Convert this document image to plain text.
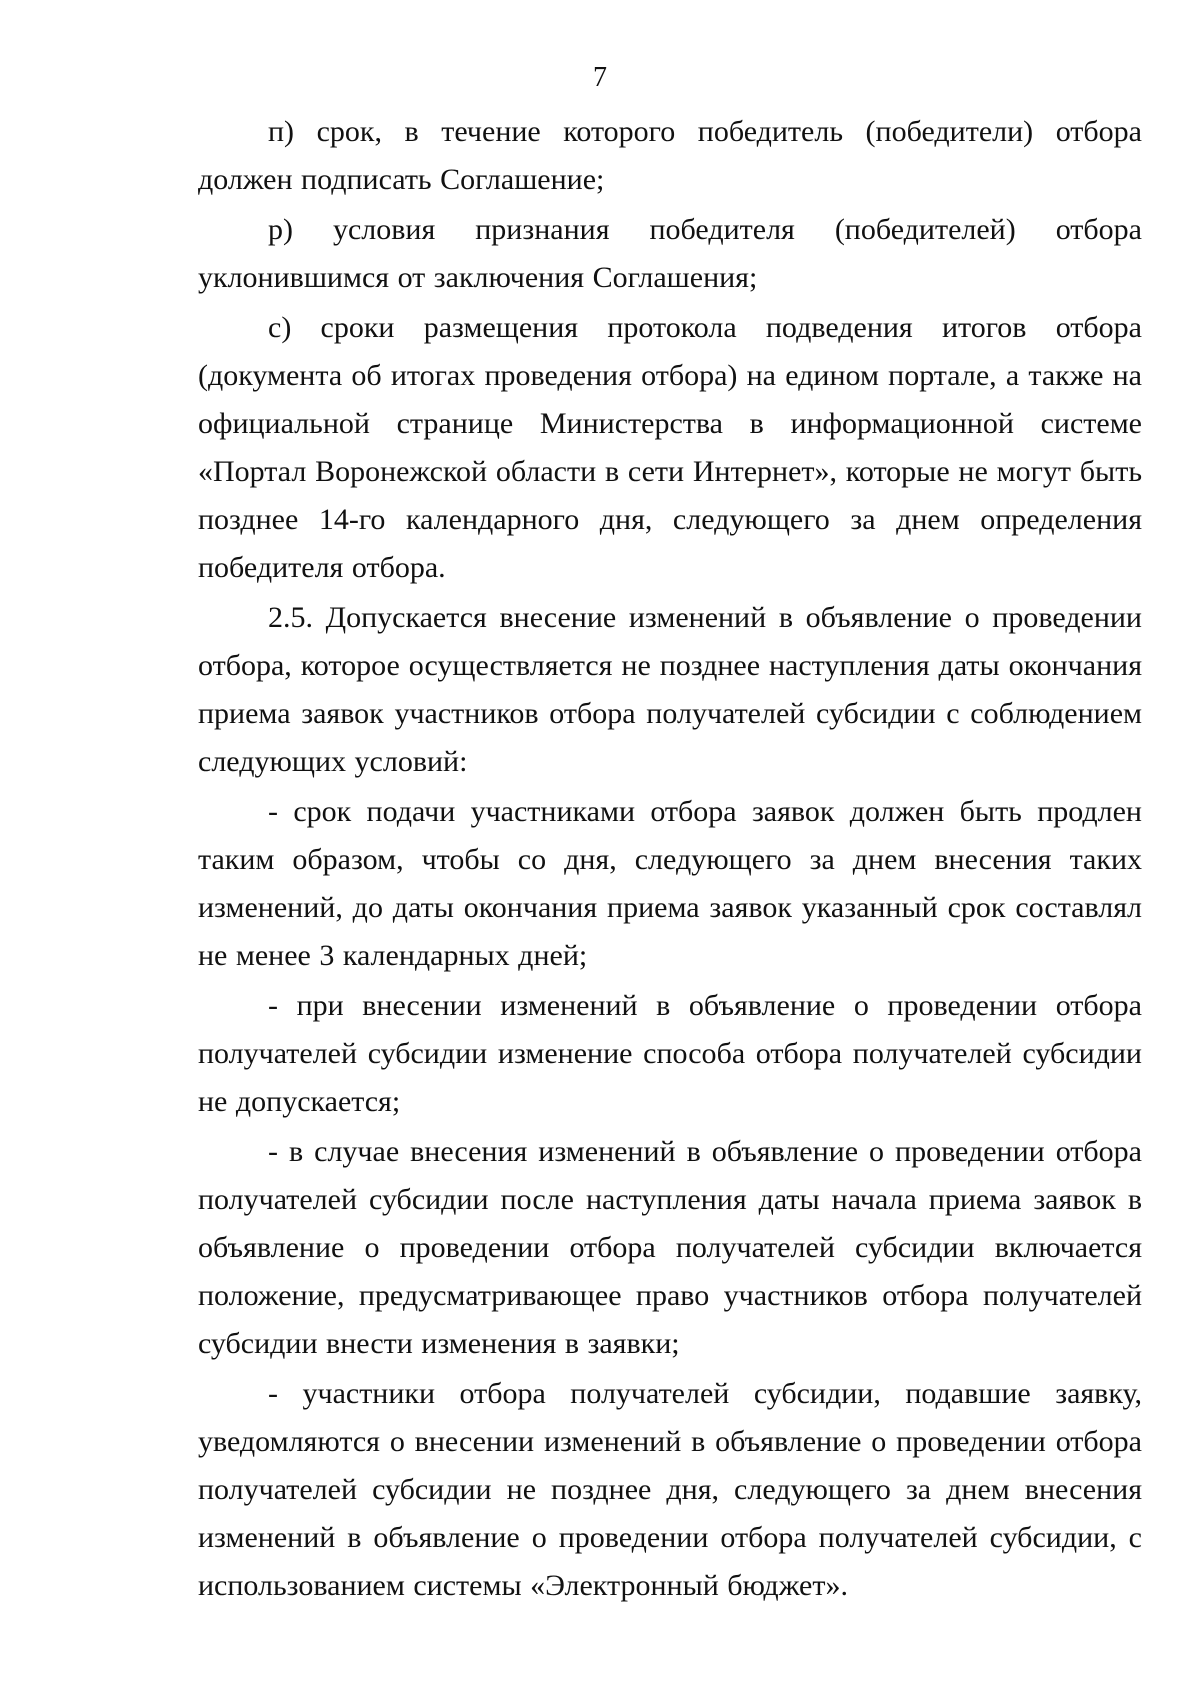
7

п) срок, в течение которого победитель (победители) отбора должен подписать Соглашение;

р) условия признания победителя (победителей) отбора уклонившимся от заключения Соглашения;

с) сроки размещения протокола подведения итогов отбора (документа об итогах проведения отбора) на едином портале, а также на официальной странице Министерства в информационной системе «Портал Воронежской области в сети Интернет», которые не могут быть позднее 14-го календарного дня, следующего за днем определения победителя отбора.

2.5. Допускается внесение изменений в объявление о проведении отбора, которое осуществляется не позднее наступления даты окончания приема заявок участников отбора получателей субсидии с соблюдением следующих условий:

- срок подачи участниками отбора заявок должен быть продлен таким образом, чтобы со дня, следующего за днем внесения таких изменений, до даты окончания приема заявок указанный срок составлял не менее 3 календарных дней;

- при внесении изменений в объявление о проведении отбора получателей субсидии изменение способа отбора получателей субсидии не допускается;

- в случае внесения изменений в объявление о проведении отбора получателей субсидии после наступления даты начала приема заявок в объявление о проведении отбора получателей субсидии включается положение, предусматривающее право участников отбора получателей субсидии внести изменения в заявки;

- участники отбора получателей субсидии, подавшие заявку, уведомляются о внесении изменений в объявление о проведении отбора получателей субсидии не позднее дня, следующего за днем внесения изменений в объявление о проведении отбора получателей субсидии, с использованием системы «Электронный бюджет».
